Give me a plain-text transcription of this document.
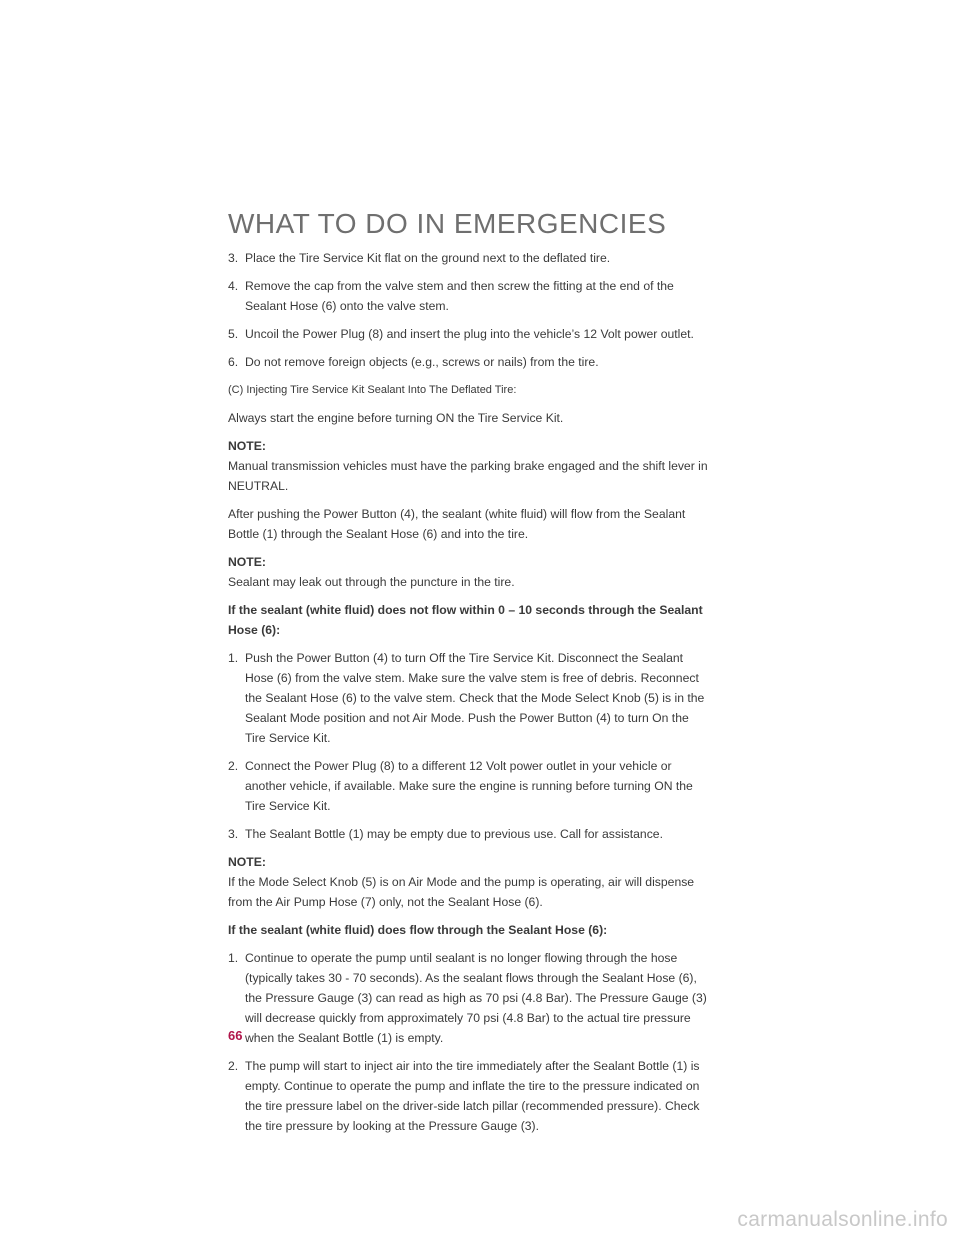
WHAT TO DO IN EMERGENCIES
3. Place the Tire Service Kit flat on the ground next to the deflated tire.
4. Remove the cap from the valve stem and then screw the fitting at the end of the Sealant Hose (6) onto the valve stem.
5. Uncoil the Power Plug (8) and insert the plug into the vehicle’s 12 Volt power outlet.
6. Do not remove foreign objects (e.g., screws or nails) from the tire.

(C) Injecting Tire Service Kit Sealant Into The Deflated Tire:

Always start the engine before turning ON the Tire Service Kit.

NOTE:

Manual transmission vehicles must have the parking brake engaged and the shift lever in NEUTRAL.

After pushing the Power Button (4), the sealant (white fluid) will flow from the Sealant Bottle (1) through the Sealant Hose (6) and into the tire.

NOTE:

Sealant may leak out through the puncture in the tire.

If the sealant (white fluid) does not flow within 0 – 10 seconds through the Sealant Hose (6):

1. Push the Power Button (4) to turn Off the Tire Service Kit. Disconnect the Sealant Hose (6) from the valve stem. Make sure the valve stem is free of debris. Reconnect the Sealant Hose (6) to the valve stem. Check that the Mode Select Knob (5) is in the Sealant Mode position and not Air Mode. Push the Power Button (4) to turn On the Tire Service Kit.
2. Connect the Power Plug (8) to a different 12 Volt power outlet in your vehicle or another vehicle, if available. Make sure the engine is running before turning ON the Tire Service Kit.
3. The Sealant Bottle (1) may be empty due to previous use. Call for assistance.

NOTE:

If the Mode Select Knob (5) is on Air Mode and the pump is operating, air will dispense from the Air Pump Hose (7) only, not the Sealant Hose (6).

If the sealant (white fluid) does flow through the Sealant Hose (6):

1. Continue to operate the pump until sealant is no longer flowing through the hose (typically takes 30 - 70 seconds). As the sealant flows through the Sealant Hose (6), the Pressure Gauge (3) can read as high as 70 psi (4.8 Bar). The Pressure Gauge (3) will decrease quickly from approximately 70 psi (4.8 Bar) to the actual tire pressure when the Sealant Bottle (1) is empty.
2. The pump will start to inject air into the tire immediately after the Sealant Bottle (1) is empty. Continue to operate the pump and inflate the tire to the pressure indicated on the tire pressure label on the driver-side latch pillar (recommended pressure). Check the tire pressure by looking at the Pressure Gauge (3).
66
carmanualsonline.info
